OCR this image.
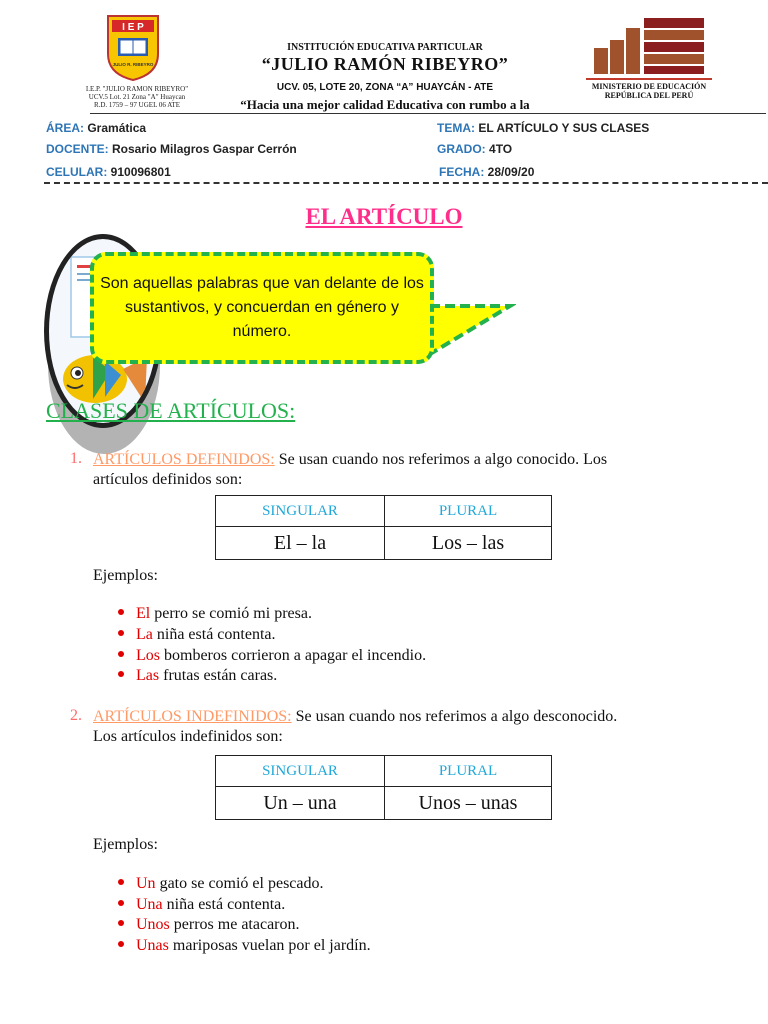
I E P
JULIO R. RIBEYRO
I.E.P. "JULIO RAMON RIBEYRO"
UCV.5 Lot. 21 Zona "A" Huaycan
R.D. 1759 – 97 UGEL 06 ATE
INSTITUCIÓN EDUCATIVA PARTICULAR
“JULIO RAMÓN RIBEYRO”
UCV. 05, LOTE 20, ZONA “A” HUAYCÁN - ATE
“Hacia una mejor calidad Educativa con rumbo a la
MINISTERIO DE EDUCACIÓN
REPÚBLICA DEL PERÚ
ÁREA: Gramática	TEMA: EL ARTÍCULO Y SUS CLASES
DOCENTE: Rosario Milagros Gaspar Cerrón	GRADO: 4TO
CELULAR: 910096801	FECHA: 28/09/20
EL ARTÍCULO
Son aquellas palabras que van delante de los sustantivos, y concuerdan en género y número.
CLASES DE ARTÍCULOS:
1. ARTÍCULOS DEFINIDOS: Se usan cuando nos referimos a algo conocido. Los
artículos definidos son:
SINGULAR	PLURAL
El – la	Los – las
Ejemplos:
El perro se comió mi presa.
La niña está contenta.
Los bomberos corrieron a apagar el incendio.
Las frutas están caras.
2. ARTÍCULOS INDEFINIDOS: Se usan cuando nos referimos a algo desconocido.
Los artículos indefinidos son:
SINGULAR	PLURAL
Un – una	Unos – unas
Ejemplos:
Un gato se comió el pescado.
Una niña está contenta.
Unos perros me atacaron.
Unas mariposas vuelan por el jardín.
